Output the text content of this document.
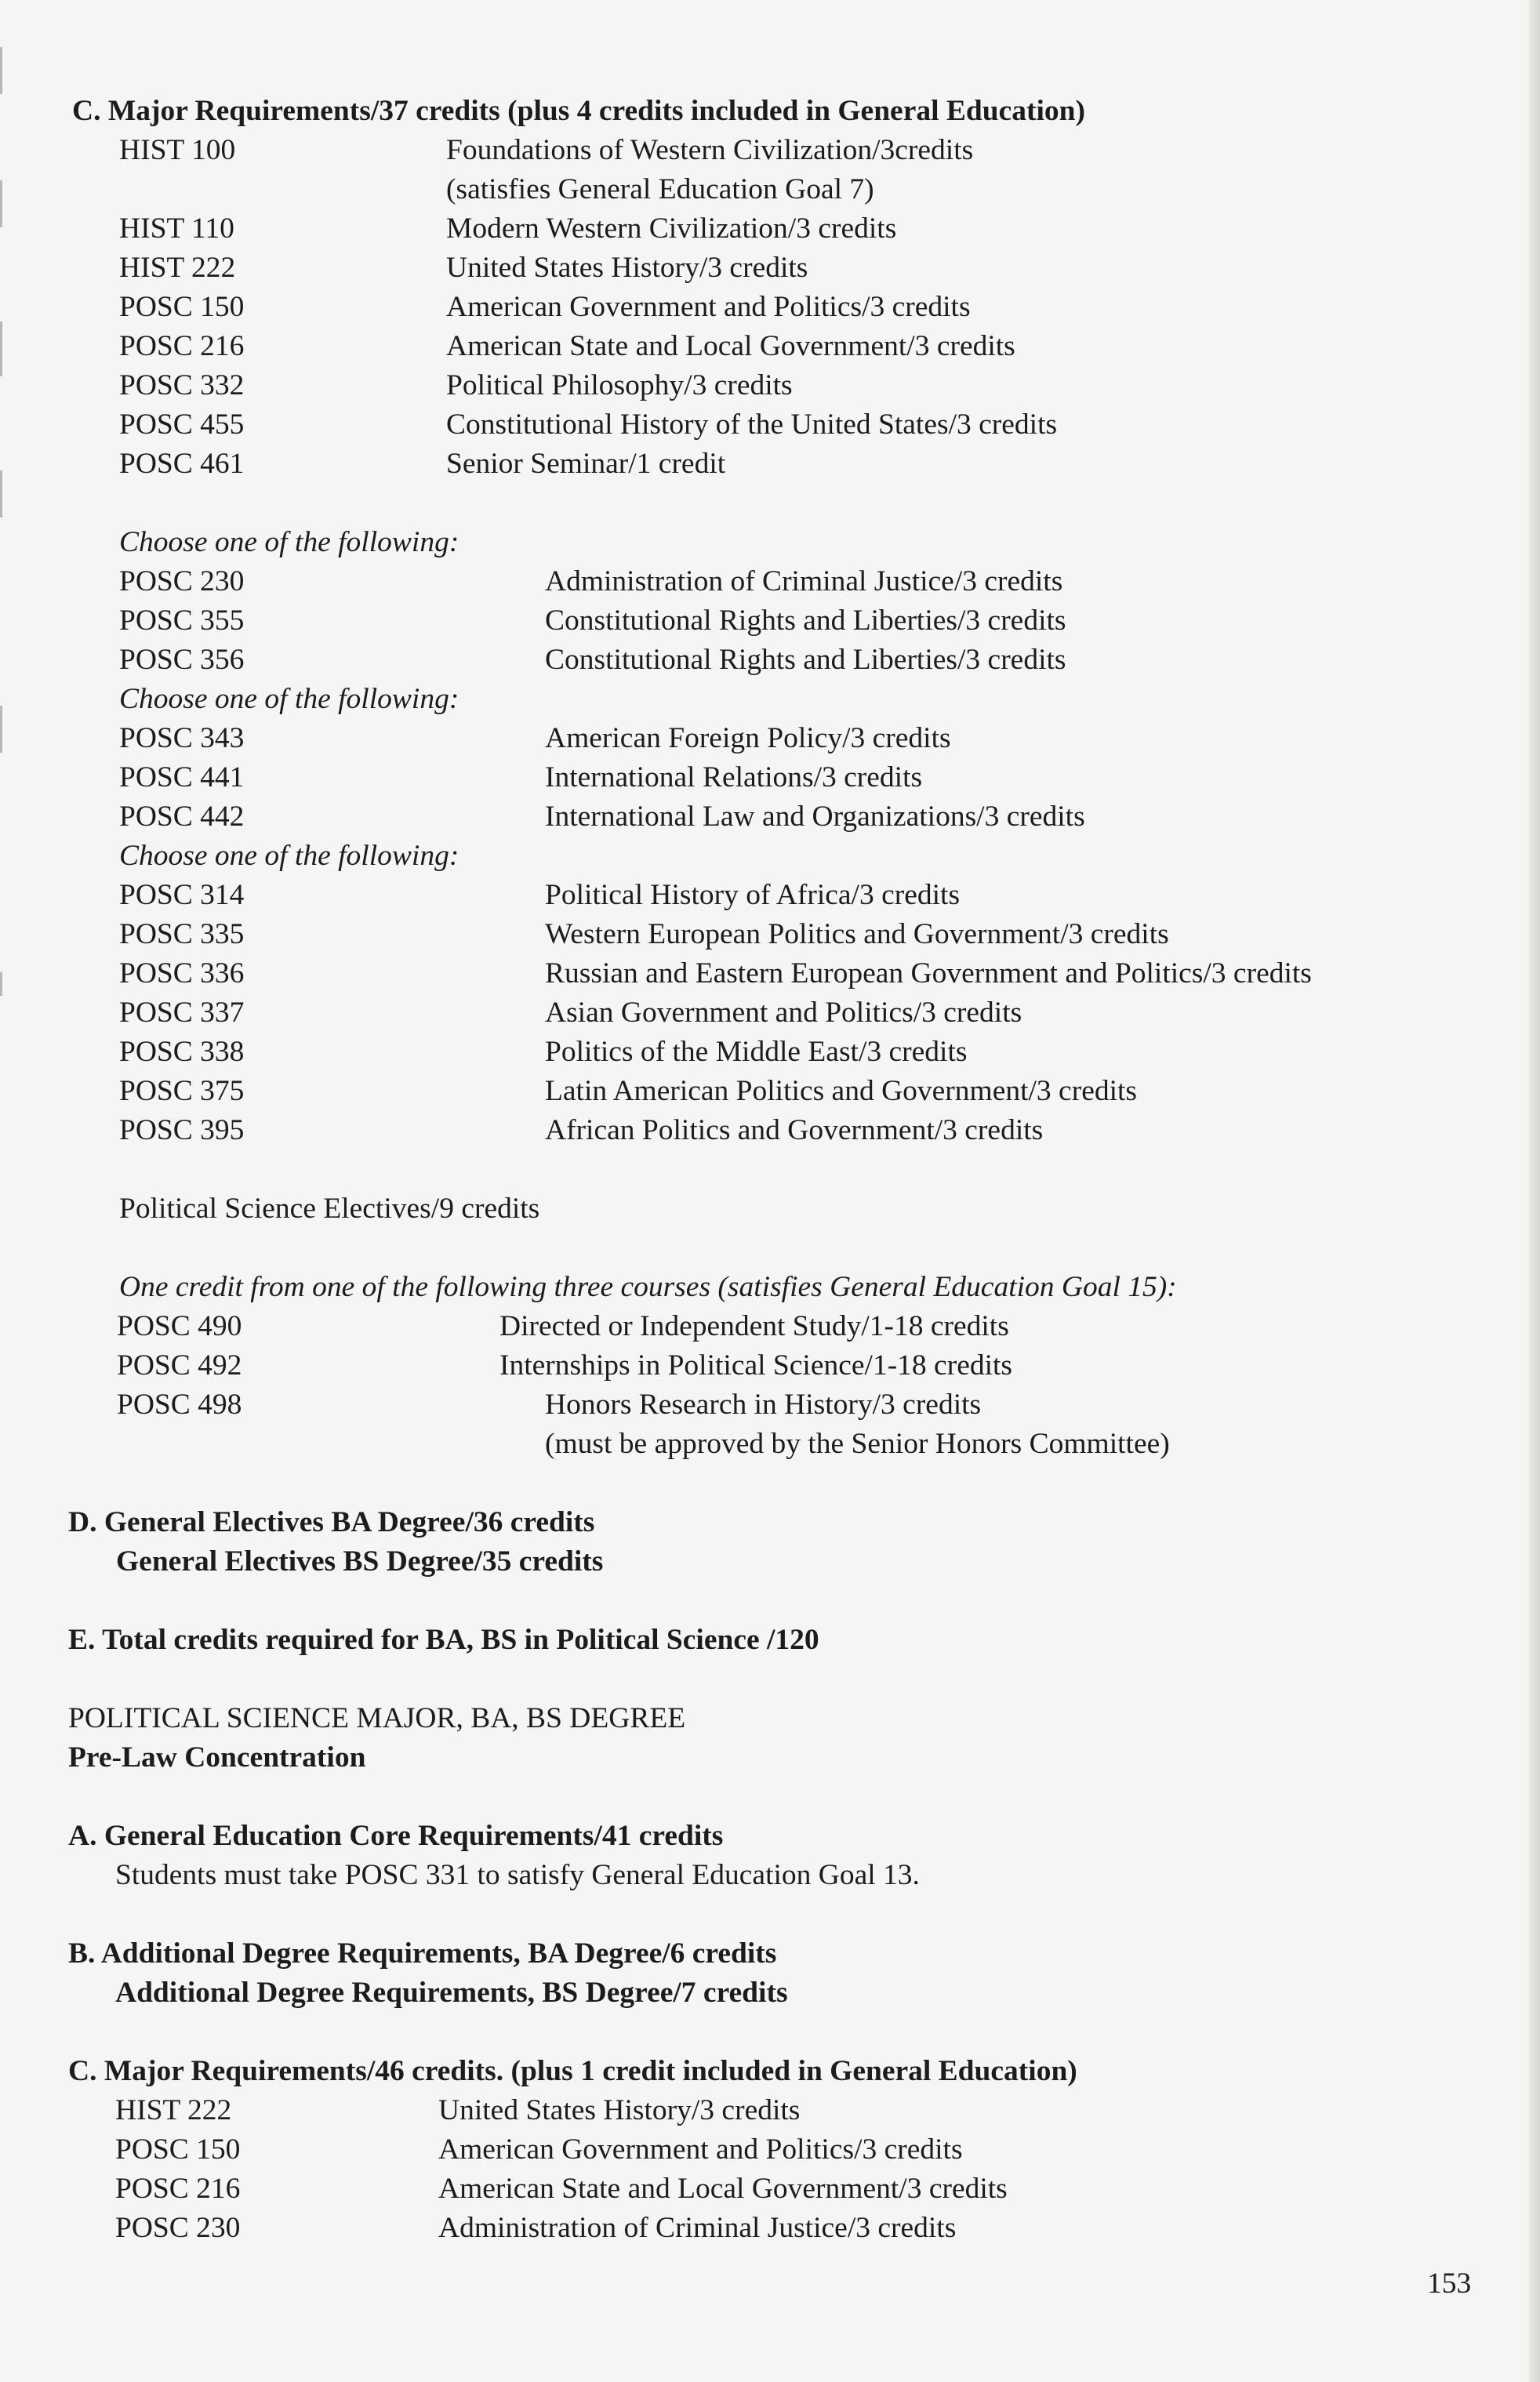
C. Major Requirements/37 credits (plus 4 credits included in General Education)
HIST 100	Foundations of Western Civilization/3credits
(satisfies General Education Goal 7)
HIST 110	Modern Western Civilization/3 credits
HIST 222	United States History/3 credits
POSC 150	American Government and Politics/3 credits
POSC 216	American State and Local Government/3 credits
POSC 332	Political Philosophy/3 credits
POSC 455	Constitutional History of the United States/3 credits
POSC 461	Senior Seminar/1 credit
Choose one of the following:
POSC 230	Administration of Criminal Justice/3 credits
POSC 355	Constitutional Rights and Liberties/3 credits
POSC 356	Constitutional Rights and Liberties/3 credits
Choose one of the following:
POSC 343	American Foreign Policy/3 credits
POSC 441	International Relations/3 credits
POSC 442	International Law and Organizations/3 credits
Choose one of the following:
POSC 314	Political History of Africa/3 credits
POSC 335	Western European Politics and Government/3 credits
POSC 336	Russian and Eastern European Government and Politics/3 credits
POSC 337	Asian Government and Politics/3 credits
POSC 338	Politics of the Middle East/3 credits
POSC 375	Latin American Politics and Government/3 credits
POSC 395	African Politics and Government/3 credits
Political Science Electives/9 credits
One credit from one of the following three courses (satisfies General Education Goal 15):
POSC 490	Directed or Independent Study/1-18 credits
POSC 492	Internships in Political Science/1-18 credits
POSC 498	Honors Research in History/3 credits
(must be approved by the Senior Honors Committee)
D. General Electives BA Degree/36 credits
General Electives BS Degree/35 credits
E. Total credits required for BA, BS in Political Science /120
POLITICAL SCIENCE MAJOR, BA, BS DEGREE
Pre-Law Concentration
A. General Education Core Requirements/41 credits
Students must take POSC 331 to satisfy General Education Goal 13.
B. Additional Degree Requirements, BA Degree/6 credits
Additional Degree Requirements, BS Degree/7 credits
C. Major Requirements/46 credits. (plus 1 credit included in General Education)
HIST 222	United States History/3 credits
POSC 150	American Government and Politics/3 credits
POSC 216	American State and Local Government/3 credits
POSC 230	Administration of Criminal Justice/3 credits
153
